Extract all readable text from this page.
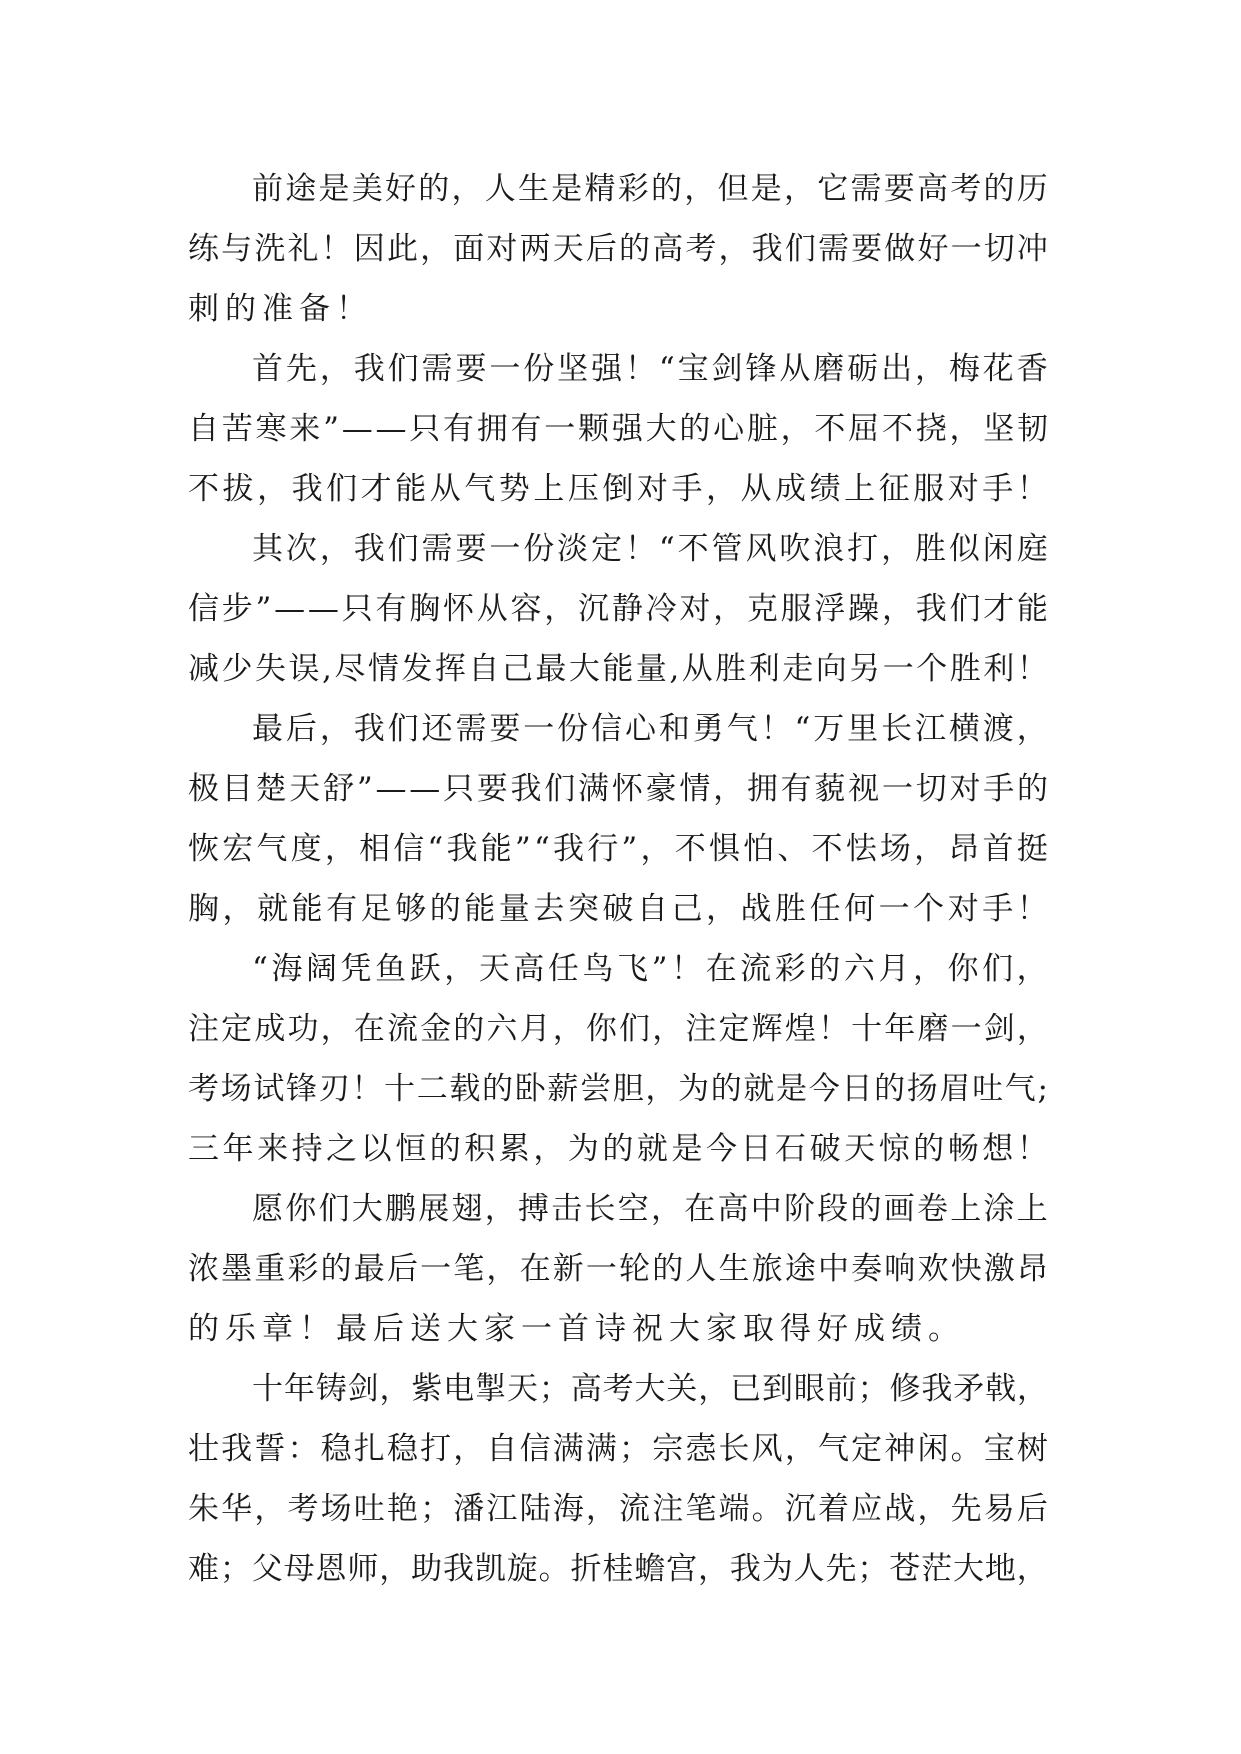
前 途 是 美 好 的 ， 人 生 是 精 彩 的 ， 但 是 ， 它 需 要 高 考 的 历
练 与 洗 礼 ！ 因 此 ， 面 对 两 天 后 的 高 考 ， 我 们 需 要 做 好 一 切 冲
刺的准备！
首 先 ， 我 们 需 要 一 份 坚 强 ！ “ 宝 剑 锋 从 磨 砺 出 ， 梅 花 香
自 苦 寒 来 ” — — 只 有 拥 有 一 颗 强 大 的 心 脏 ， 不 屈 不 挠 ， 坚 韧
不 拔 ， 我 们 才 能 从 气 势 上 压 倒 对 手 ， 从 成 绩 上 征 服 对 手 ！
其 次 ， 我 们 需 要 一 份 淡 定 ！ “ 不 管 风 吹 浪 打 ， 胜 似 闲 庭
信 步 ” — — 只 有 胸 怀 从 容 ， 沉 静 冷 对 ， 克 服 浮 躁 ， 我 们 才 能
减 少 失 误 , 尽 情 发 挥 自 己 最 大 能 量 , 从 胜 利 走 向 另 一 个 胜 利 ！
最 后 ， 我 们 还 需 要 一 份 信 心 和 勇 气 ！ “ 万 里 长 江 横 渡 ，
极 目 楚 天 舒 ” — — 只 要 我 们 满 怀 豪 情 ， 拥 有 藐 视 一 切 对 手 的
恢 宏 气 度 ， 相 信 “ 我 能 ” “ 我 行 ” ， 不 惧 怕 、 不 怯 场 ， 昂 首 挺
胸 ， 就 能 有 足 够 的 能 量 去 突 破 自 己 ， 战 胜 任 何 一 个 对 手 ！
“ 海 阔 凭 鱼 跃 ， 天 高 任 鸟 飞 ” ！ 在 流 彩 的 六 月 ， 你 们 ，
注 定 成 功 ， 在 流 金 的 六 月 ， 你 们 ， 注 定 辉 煌 ！ 十 年 磨 一 剑 ，
考 场 试 锋 刃 ！ 十 二 载 的 卧 薪 尝 胆 ， 为 的 就 是 今 日 的 扬 眉 吐 气 ;
三 年 来 持 之 以 恒 的 积 累 ， 为 的 就 是 今 日 石 破 天 惊 的 畅 想 ！
愿 你 们 大 鹏 展 翅 ， 搏 击 长 空 ， 在 高 中 阶 段 的 画 卷 上 涂 上
浓 墨 重 彩 的 最 后 一 笔 ， 在 新 一 轮 的 人 生 旅 途 中 奏 响 欢 快 激 昂
的乐章！最后送大家一首诗祝大家取得好成绩。
十 年 铸 剑 ， 紫 电 掣 天 ； 高 考 大 关 ， 已 到 眼 前 ； 修 我 矛 戟 ，
壮 我 誓 ： 稳 扎 稳 打 ， 自 信 满 满 ； 宗 悫 长 风 ， 气 定 神 闲 。 宝 树
朱 华 ， 考 场 吐 艳 ； 潘 江 陆 海 ， 流 注 笔 端 。 沉 着 应 战 ， 先 易 后
难 ； 父 母 恩 师 ， 助 我 凯 旋 。 折 桂 蟾 宫 ， 我 为 人 先 ； 苍 茫 大 地 ，
